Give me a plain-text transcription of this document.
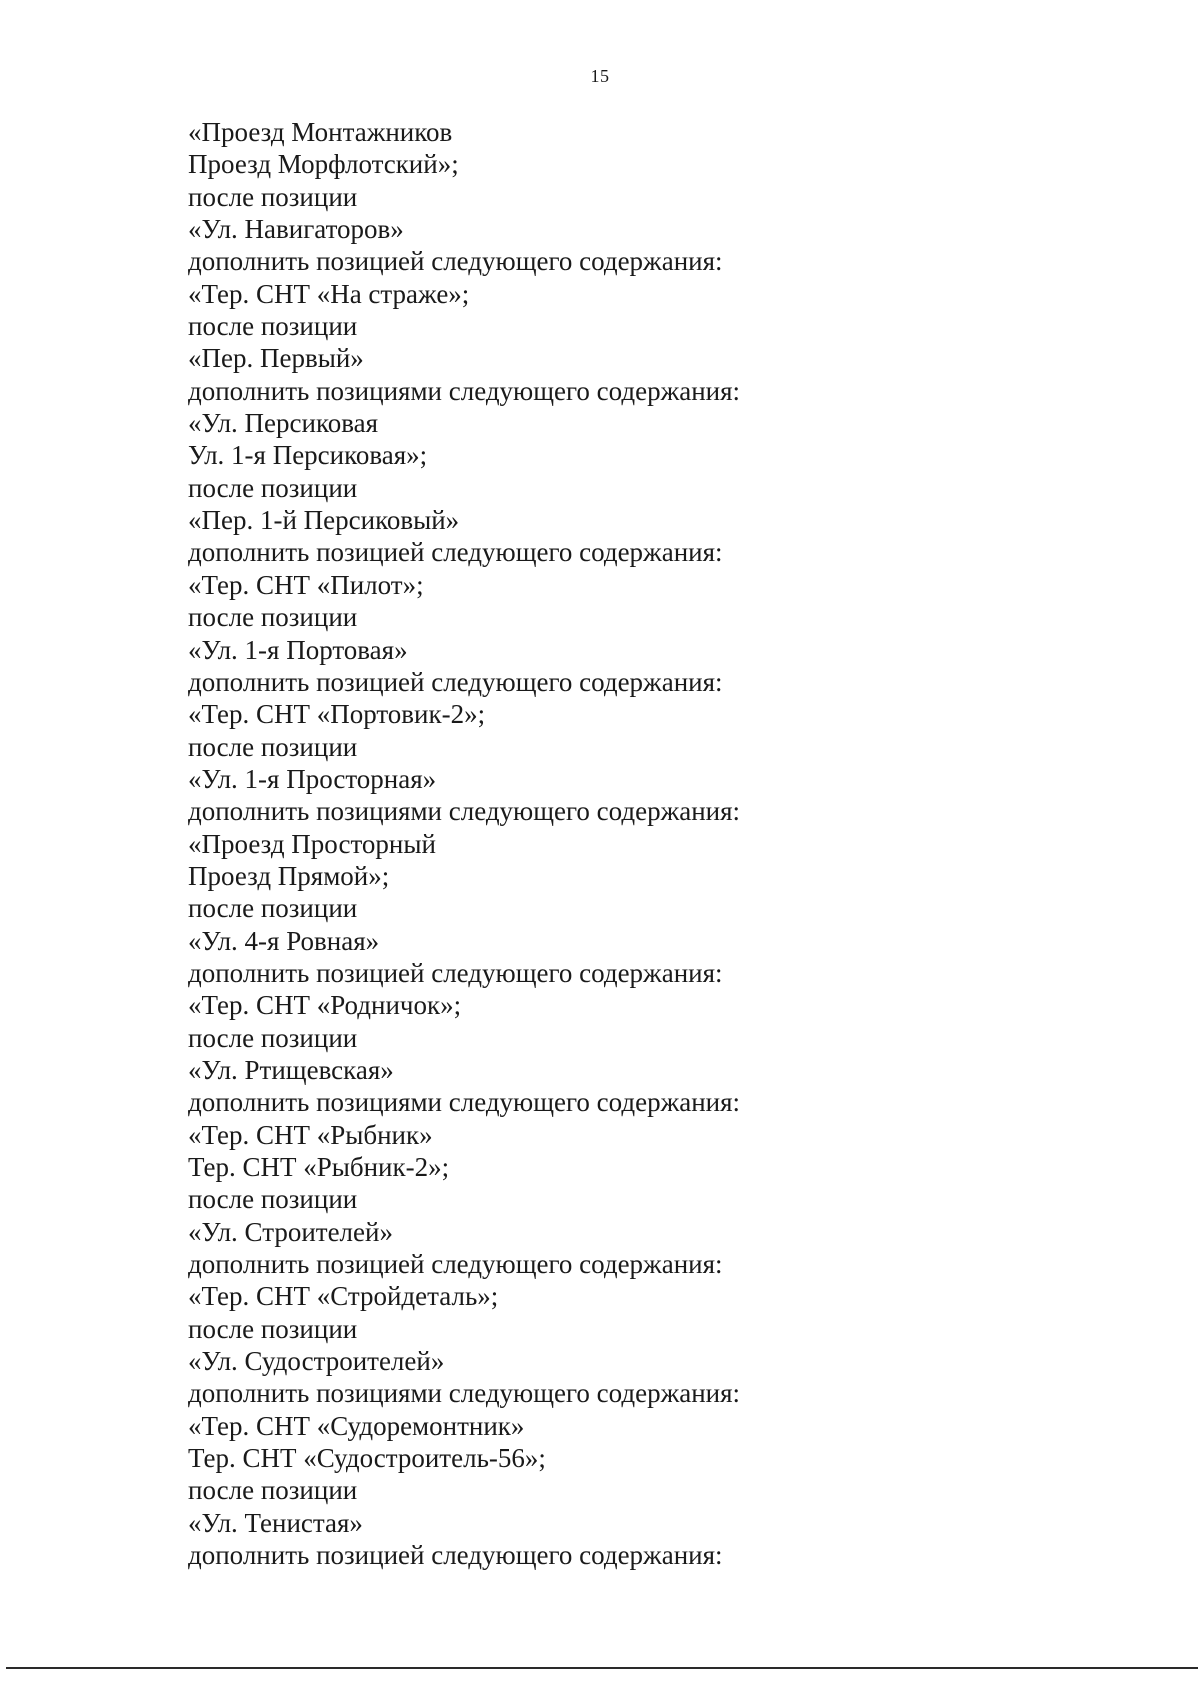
15
«Проезд Монтажников
Проезд Морфлотский»;
после позиции
«Ул. Навигаторов»
дополнить позицией следующего содержания:
«Тер. СНТ «На страже»;
после позиции
«Пер. Первый»
дополнить позициями следующего содержания:
«Ул. Персиковая
Ул. 1-я Персиковая»;
после позиции
«Пер. 1-й Персиковый»
дополнить позицией следующего содержания:
«Тер. СНТ «Пилот»;
после позиции
«Ул. 1-я Портовая»
дополнить позицией следующего содержания:
«Тер. СНТ «Портовик-2»;
после позиции
«Ул. 1-я Просторная»
дополнить позициями следующего содержания:
«Проезд Просторный
Проезд Прямой»;
после позиции
«Ул. 4-я Ровная»
дополнить позицией следующего содержания:
«Тер. СНТ «Родничок»;
после позиции
«Ул. Ртищевская»
дополнить позициями следующего содержания:
«Тер. СНТ «Рыбник»
Тер. СНТ «Рыбник-2»;
после позиции
«Ул. Строителей»
дополнить позицией следующего содержания:
«Тер. СНТ «Стройдеталь»;
после позиции
«Ул. Судостроителей»
дополнить позициями следующего содержания:
«Тер. СНТ «Судоремонтник»
Тер. СНТ «Судостроитель-56»;
после позиции
«Ул. Тенистая»
дополнить позицией следующего содержания:
